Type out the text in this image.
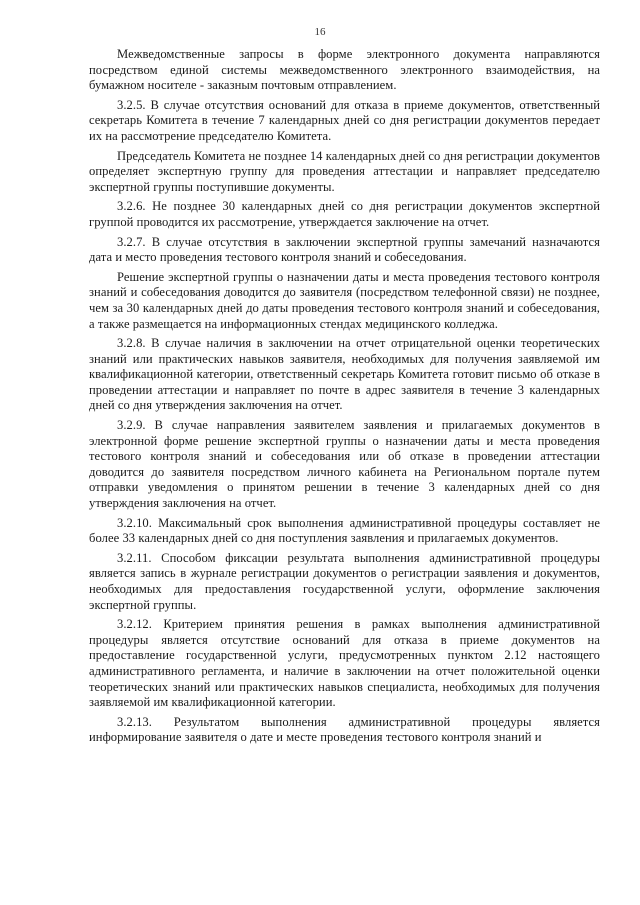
16

Межведомственные запросы в форме электронного документа направляются посредством единой системы межведомственного электронного взаимодействия, на бумажном носителе - заказным почтовым отправлением.

3.2.5. В случае отсутствия оснований для отказа в приеме документов, ответственный секретарь Комитета в течение 7 календарных дней со дня регистрации документов передает их на рассмотрение председателю Комитета.

Председатель Комитета не позднее 14 календарных дней со дня регистрации документов определяет экспертную группу для проведения аттестации и направляет председателю экспертной группы поступившие документы.

3.2.6. Не позднее 30 календарных дней со дня регистрации документов экспертной группой проводится их рассмотрение, утверждается заключение на отчет.

3.2.7. В случае отсутствия в заключении экспертной группы замечаний назначаются дата и место проведения тестового контроля знаний и собеседования.

Решение экспертной группы о назначении даты и места проведения тестового контроля знаний и собеседования доводится до заявителя (посредством телефонной связи) не позднее, чем за 30 календарных дней до даты проведения тестового контроля знаний и собеседования, а также размещается на информационных стендах медицинского колледжа.

3.2.8. В случае наличия в заключении на отчет отрицательной оценки теоретических знаний или практических навыков заявителя, необходимых для получения заявляемой им квалификационной категории, ответственный секретарь Комитета готовит письмо об отказе в проведении аттестации и направляет по почте в адрес заявителя в течение 3 календарных дней со дня утверждения заключения на отчет.

3.2.9. В случае направления заявителем заявления и прилагаемых документов в электронной форме решение экспертной группы о назначении даты и места проведения тестового контроля знаний и собеседования или об отказе в проведении аттестации доводится до заявителя посредством личного кабинета на Региональном портале путем отправки уведомления о принятом решении в течение 3 календарных дней со дня утверждения заключения на отчет.

3.2.10. Максимальный срок выполнения административной процедуры составляет не более 33 календарных дней со дня поступления заявления и прилагаемых документов.

3.2.11. Способом фиксации результата выполнения административной процедуры является запись в журнале регистрации документов о регистрации заявления и документов, необходимых для предоставления государственной услуги, оформление заключения экспертной группы.

3.2.12. Критерием принятия решения в рамках выполнения административной процедуры является отсутствие оснований для отказа в приеме документов на предоставление государственной услуги, предусмотренных пунктом 2.12 настоящего административного регламента, и наличие в заключении на отчет положительной оценки теоретических знаний или практических навыков специалиста, необходимых для получения заявляемой им квалификационной категории.

3.2.13. Результатом выполнения административной процедуры является информирование заявителя о дате и месте проведения тестового контроля знаний и
